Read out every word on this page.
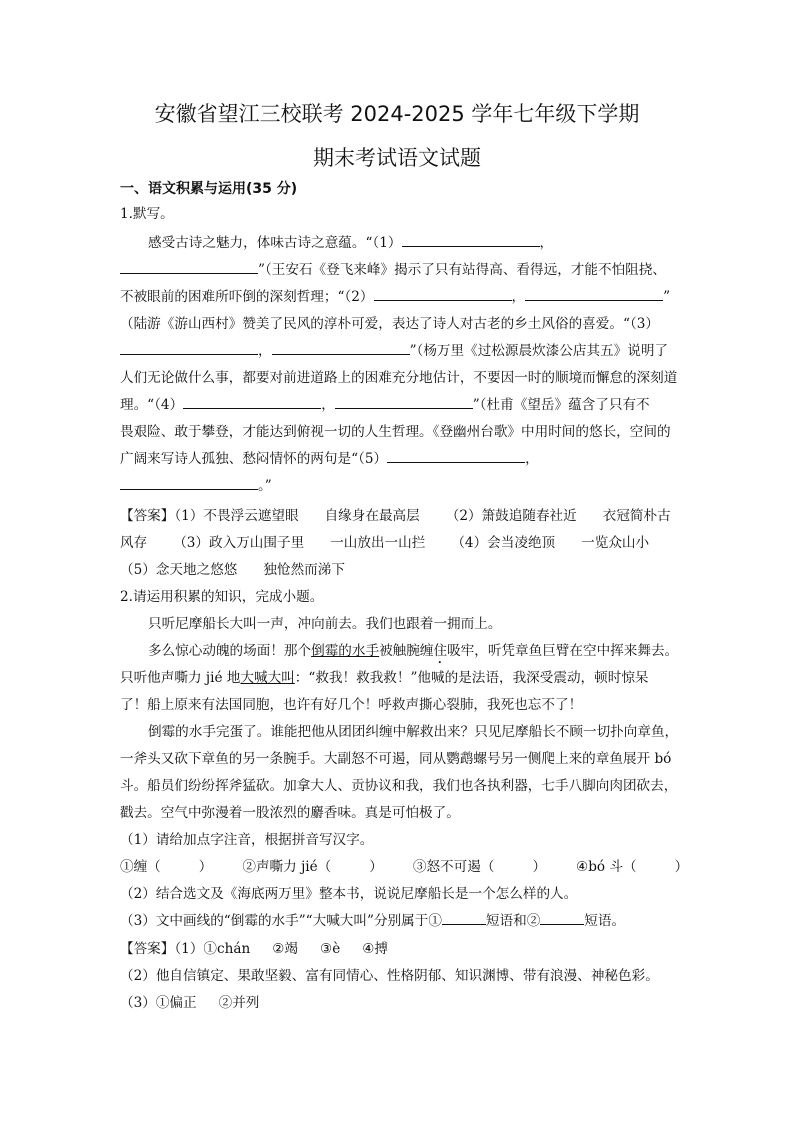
安徽省望江三校联考 2024-2025 学年七年级下学期
期末考试语文试题
一、语文积累与运用(35 分)
1.默写。
感受古诗之魅力，体味古诗之意蕴。“（1）	，
”（王安石《登飞来峰》揭示了只有站得高、看得远，才能不怕阻挠、
不被眼前的困难所吓倒的深刻哲理；“（2）	，	”
（陆游《游山西村》赞美了民风的淳朴可爱，表达了诗人对古老的乡土风俗的喜爱。“（3）
，	”（杨万里《过松源晨炊漆公店其五》说明了
人们无论做什么事，都要对前进道路上的困难充分地估计，不要因一时的顺境而懈怠的深刻道
理。“（4）	，	”（杜甫《望岳》蕴含了只有不
畏艰险、敢于攀登，才能达到俯视一切的人生哲理。《登幽州台歌》中用时间的悠长，空间的
广阔来写诗人孤独、愁闷情怀的两句是“（5）	，
。”
【答案】（1）不畏浮云遮望眼 自缘身在最高层 （2）箫鼓追随春社近 衣冠简朴古
风存 （3）政入万山围子里 一山放出一山拦 （4）会当凌绝顶 一览众山小
（5）念天地之悠悠 独怆然而涕下
2.请运用积累的知识，完成小题。
只听尼摩船长大叫一声，冲向前去。我们也跟着一拥而上。
多么惊心动魄的场面！那个倒霉的水手被触腕缠住吸牢，听凭章鱼巨臂在空中挥来舞去。
只听他声嘶力 jié 地大喊大叫：“救我！救我救！”他喊的是法语，我深受震动，顿时惊呆
了！船上原来有法国同胞，也许有好几个！呼救声撕心裂肺，我死也忘不了！
倒霉的水手完蛋了。谁能把他从团团纠缠中解救出来？只见尼摩船长不顾一切扑向章鱼，
一斧头又砍下章鱼的另一条腕手。大副怒不可遏，同从鹦鹉螺号另一侧爬上来的章鱼展开 bó
斗。船员们纷纷挥斧猛砍。加拿大人、贡协议和我，我们也各执利器，七手八脚向肉团砍去，
戳去。空气中弥漫着一股浓烈的麝香味。真是可怕极了。
（1）请给加点字注音，根据拼音写汉字。
①缠（	） ②声嘶力 jié（	） ③怒不可遏（	） ④bó 斗（	）
（2）结合选文及《海底两万里》整本书，说说尼摩船长是一个怎么样的人。
（3）文中画线的“倒霉的水手”“大喊大叫”分别属于①	短语和②	短语。
【答案】（1）①chán ②竭 ③è ④搏
（2）他自信镇定、果敢坚毅、富有同情心、性格阴郁、知识渊博、带有浪漫、神秘色彩。
（3）①偏正 ②并列
